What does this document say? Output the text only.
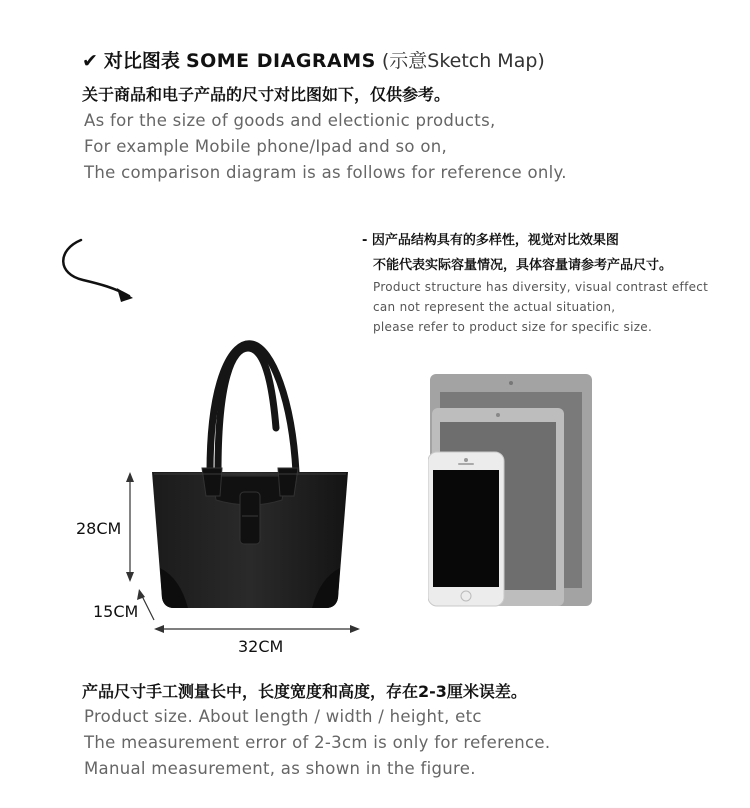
✔ 对比图表 SOME DIAGRAMS (示意Sketch Map)
关于商品和电子产品的尺寸对比图如下，仅供参考。
As for the size of goods and electionic products,
For example Mobile phone/Ipad and so on,
The comparison diagram is as follows for reference only.
- 因产品结构具有的多样性，视觉对比效果图
不能代表实际容量情况，具体容量请参考产品尺寸。
Product structure has diversity, visual contrast effect
can not represent the actual situation,
please refer to product size for specific size.
28CM
15CM
32CM
产品尺寸手工测量长中，长度宽度和高度，存在2-3厘米误差。
Product size. About length / width / height, etc
The measurement error of 2-3cm is only for reference.
Manual measurement, as shown in the figure.
